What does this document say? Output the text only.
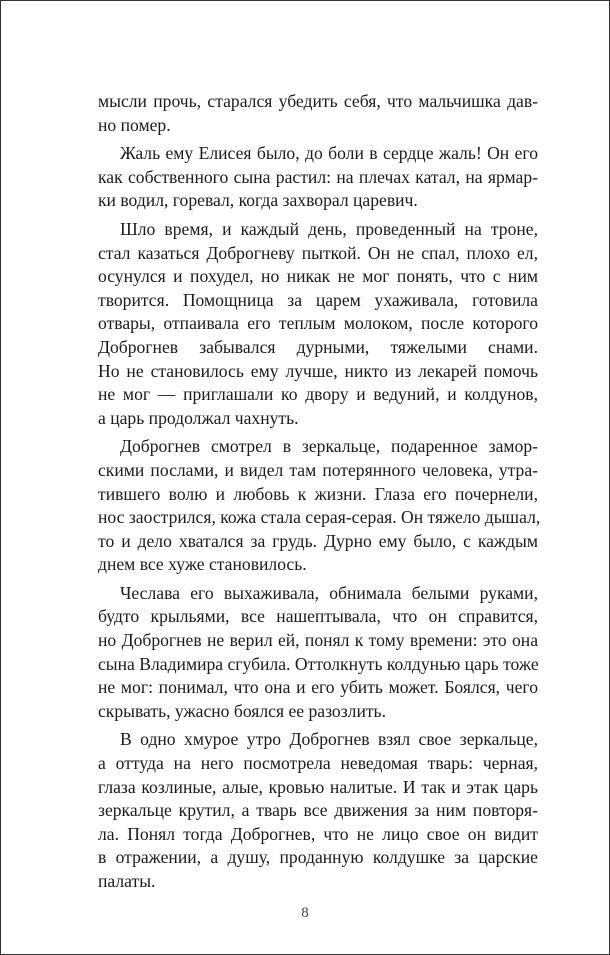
мысли прочь, старался убедить себя, что мальчишка дав-
но помер.
Жаль ему Елисея было, до боли в сердце жаль! Он его
как собственного сына растил: на плечах катал, на ярмар-
ки водил, горевал, когда захворал царевич.
Шло время, и каждый день, проведенный на троне,
стал казаться Доброгневу пыткой. Он не спал, плохо ел,
осунулся и похудел, но никак не мог понять, что с ним
творится. Помощница за царем ухаживала, готовила
отвары, отпаивала его теплым молоком, после которого
Доброгнев забывался дурными, тяжелыми снами.
Но не становилось ему лучше, никто из лекарей помочь
не мог — приглашали ко двору и ведуний, и колдунов,
а царь продолжал чахнуть.
Доброгнев смотрел в зеркальце, подаренное замор-
скими послами, и видел там потерянного человека, утра-
тившего волю и любовь к жизни. Глаза его почернели,
нос заострился, кожа стала серая-серая. Он тяжело дышал,
то и дело хватался за грудь. Дурно ему было, с каждым
днем все хуже становилось.
Чеслава его выхаживала, обнимала белыми руками,
будто крыльями, все нашептывала, что он справится,
но Доброгнев не верил ей, понял к тому времени: это она
сына Владимира сгубила. Оттолкнуть колдунью царь тоже
не мог: понимал, что она и его убить может. Боялся, чего
скрывать, ужасно боялся ее разозлить.
В одно хмурое утро Доброгнев взял свое зеркальце,
а оттуда на него посмотрела неведомая тварь: черная,
глаза козлиные, алые, кровью налитые. И так и этак царь
зеркальце крутил, а тварь все движения за ним повторя-
ла. Понял тогда Доброгнев, что не лицо свое он видит
в отражении, а душу, проданную колдушке за царские
палаты.
8
